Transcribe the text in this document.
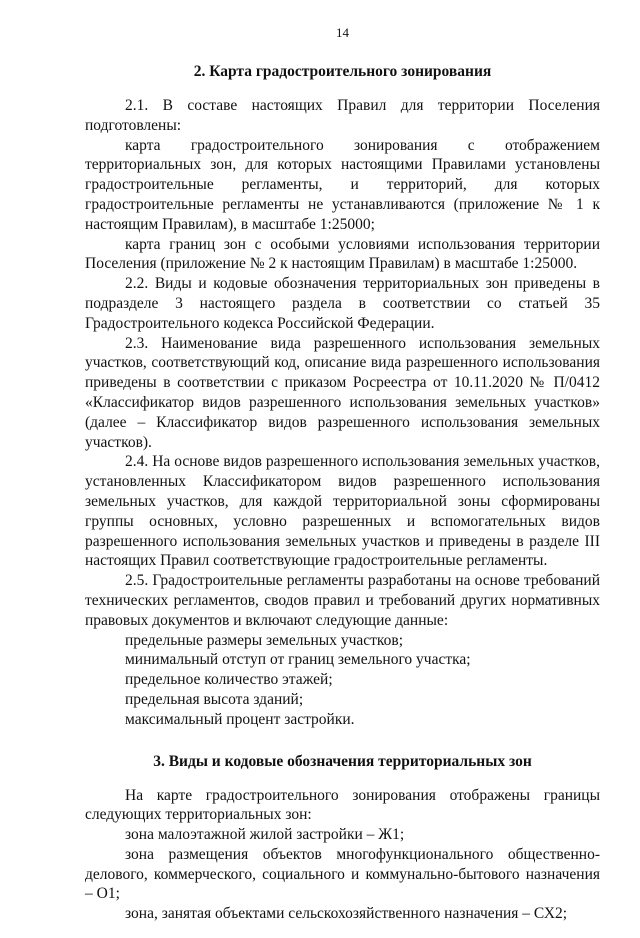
14
2. Карта градостроительного зонирования

2.1. В составе настоящих Правил для территории Поселения подготовлены:

карта градостроительного зонирования с отображением территориальных зон, для которых настоящими Правилами установлены градостроительные регламенты, и территорий, для которых градостроительные регламенты не устанавливаются (приложение № 1 к настоящим Правилам), в масштабе 1:25000;

карта границ зон с особыми условиями использования территории Поселения (приложение № 2 к настоящим Правилам) в масштабе 1:25000.

2.2. Виды и кодовые обозначения территориальных зон приведены в подразделе 3 настоящего раздела в соответствии со статьей 35 Градостроительного кодекса Российской Федерации.

2.3. Наименование вида разрешенного использования земельных участков, соответствующий код, описание вида разрешенного использования приведены в соответствии с приказом Росреестра от 10.11.2020 № П/0412 «Классификатор видов разрешенного использования земельных участков» (далее – Классификатор видов разрешенного использования земельных участков).

2.4. На основе видов разрешенного использования земельных участков, установленных Классификатором видов разрешенного использования земельных участков, для каждой территориальной зоны сформированы группы основных, условно разрешенных и вспомогательных видов разрешенного использования земельных участков и приведены в разделе III настоящих Правил соответствующие градостроительные регламенты.

2.5. Градостроительные регламенты разработаны на основе требований технических регламентов, сводов правил и требований других нормативных правовых документов и включают следующие данные:

предельные размеры земельных участков;
минимальный отступ от границ земельного участка;
предельное количество этажей;
предельная высота зданий;
максимальный процент застройки.
3. Виды и кодовые обозначения территориальных зон

На карте градостроительного зонирования отображены границы следующих территориальных зон:

зона малоэтажной жилой застройки – Ж1;
зона размещения объектов многофункционального общественно-делового, коммерческого, социального и коммунально-бытового назначения – О1;
зона, занятая объектами сельскохозяйственного назначения – СХ2;
